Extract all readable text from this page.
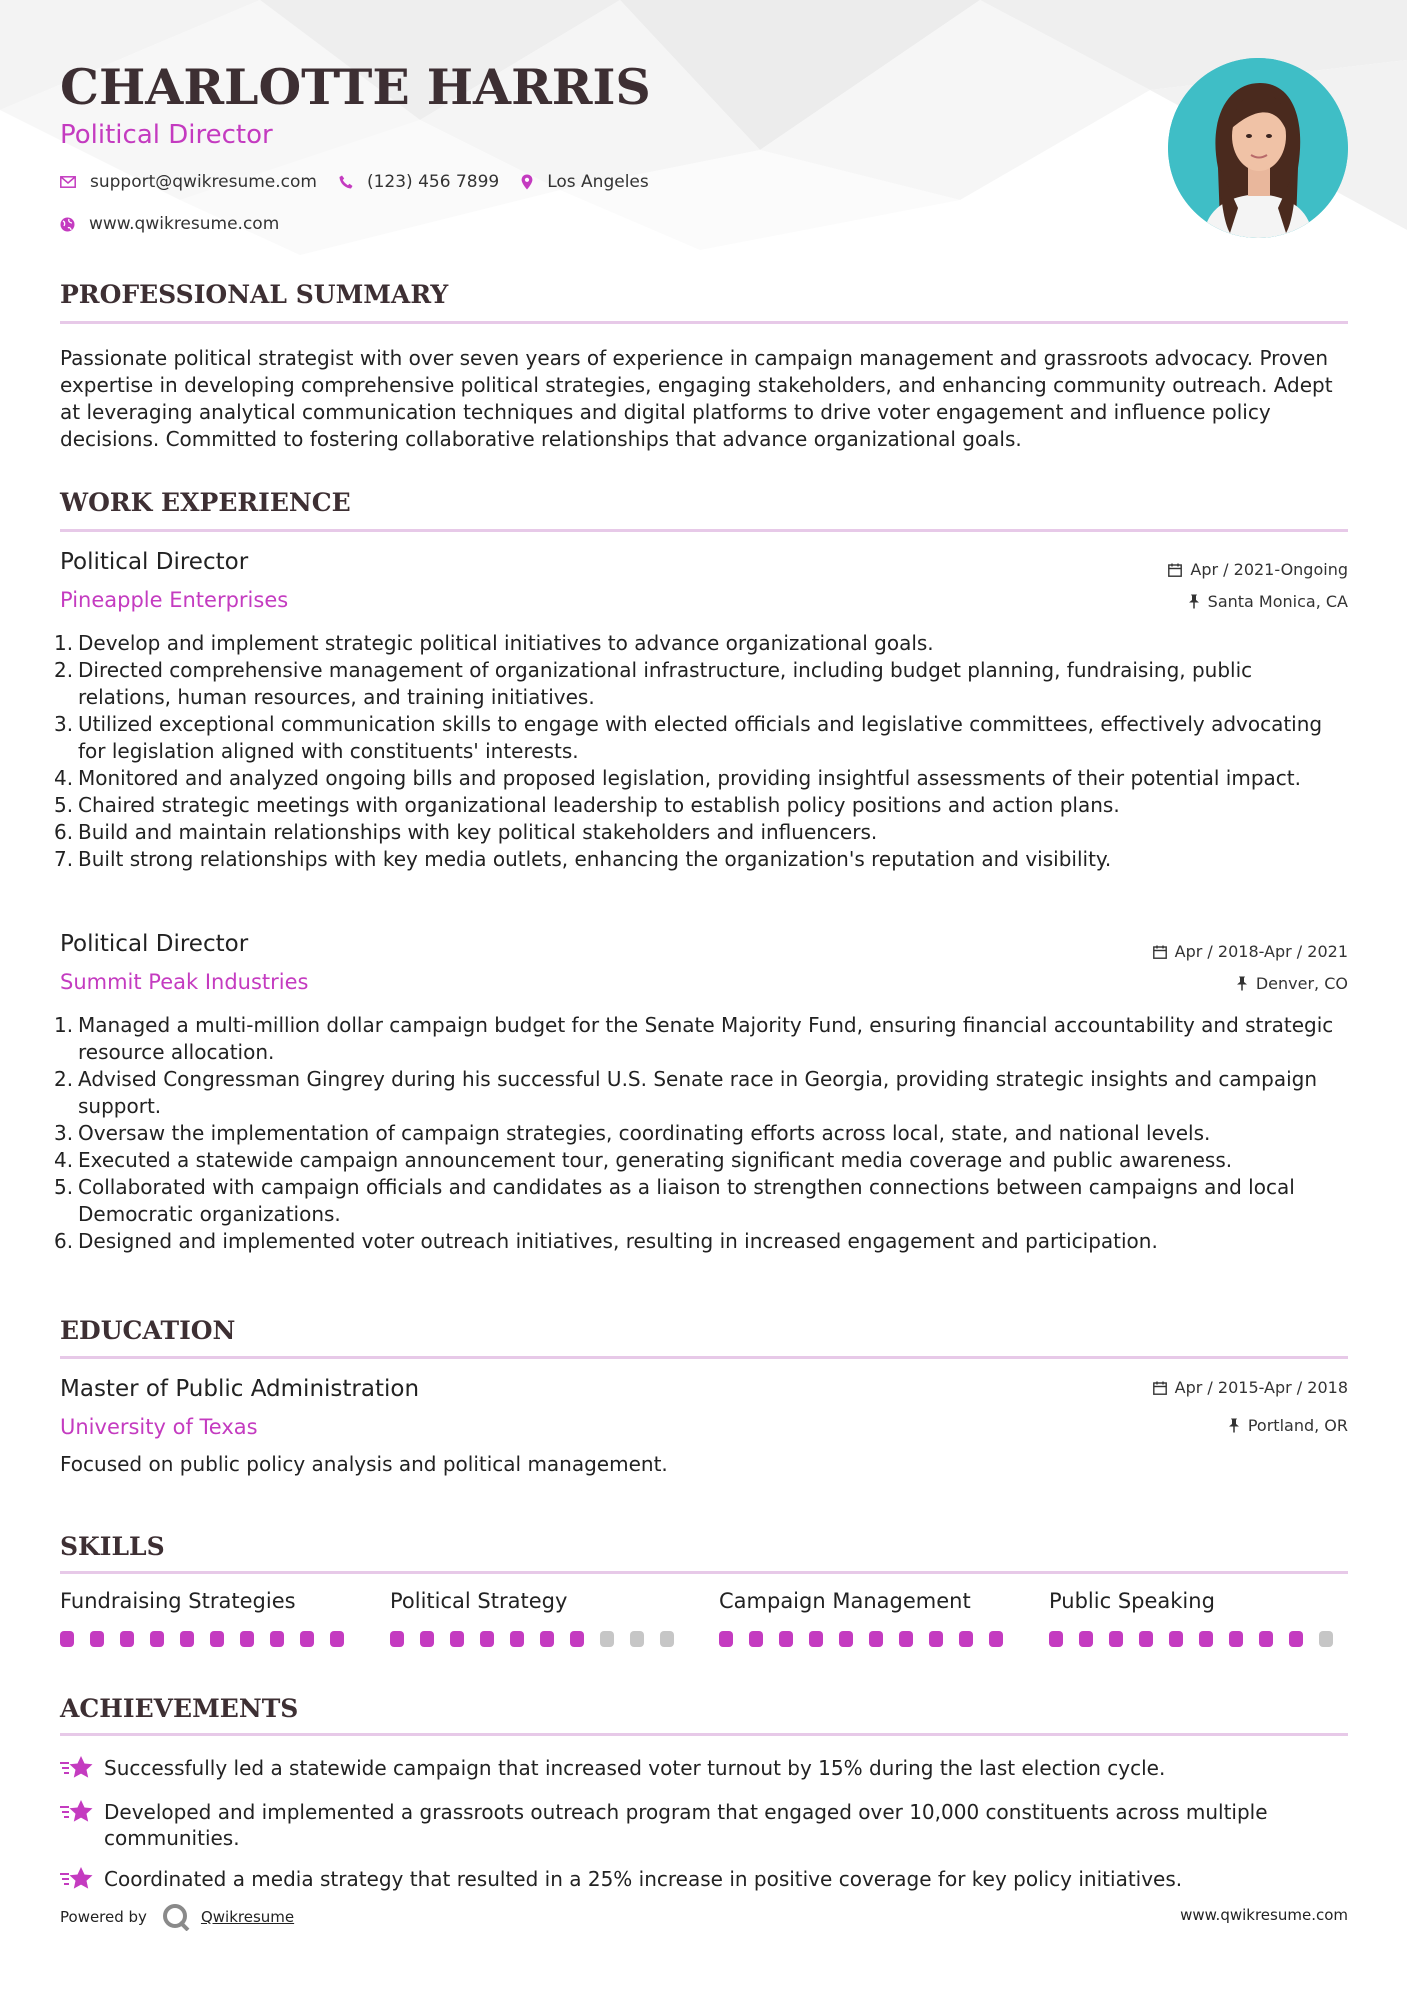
CHARLOTTE HARRIS
Political Director
support@qwikresume.com	(123) 456 7899	Los Angeles
www.qwikresume.com
PROFESSIONAL SUMMARY

Passionate political strategist with over seven years of experience in campaign management and grassroots advocacy. Proven expertise in developing comprehensive political strategies, engaging stakeholders, and enhancing community outreach. Adept at leveraging analytical communication techniques and digital platforms to drive voter engagement and influence policy decisions. Committed to fostering collaborative relationships that advance organizational goals.

WORK EXPERIENCE
Political Director
Pineapple Enterprises
Apr / 2021-Ongoing
Santa Monica, CA
Develop and implement strategic political initiatives to advance organizational goals.
Directed comprehensive management of organizational infrastructure, including budget planning, fundraising, public relations, human resources, and training initiatives.
Utilized exceptional communication skills to engage with elected officials and legislative committees, effectively advocating for legislation aligned with constituents' interests.
Monitored and analyzed ongoing bills and proposed legislation, providing insightful assessments of their potential impact.
Chaired strategic meetings with organizational leadership to establish policy positions and action plans.
Build and maintain relationships with key political stakeholders and influencers.
Built strong relationships with key media outlets, enhancing the organization's reputation and visibility.
Political Director
Summit Peak Industries
Apr / 2018-Apr / 2021
Denver, CO
Managed a multi-million dollar campaign budget for the Senate Majority Fund, ensuring financial accountability and strategic resource allocation.
Advised Congressman Gingrey during his successful U.S. Senate race in Georgia, providing strategic insights and campaign support.
Oversaw the implementation of campaign strategies, coordinating efforts across local, state, and national levels.
Executed a statewide campaign announcement tour, generating significant media coverage and public awareness.
Collaborated with campaign officials and candidates as a liaison to strengthen connections between campaigns and local Democratic organizations.
Designed and implemented voter outreach initiatives, resulting in increased engagement and participation.
EDUCATION
Master of Public Administration
University of Texas
Apr / 2015-Apr / 2018
Portland, OR

Focused on public policy analysis and political management.

SKILLS
Fundraising Strategies	Political Strategy	Campaign Management	Public Speaking
ACHIEVEMENTS
Successfully led a statewide campaign that increased voter turnout by 15% during the last election cycle.
Developed and implemented a grassroots outreach program that engaged over 10,000 constituents across multiple communities.
Coordinated a media strategy that resulted in a 25% increase in positive coverage for key policy initiatives.
Powered by	Qwikresume	www.qwikresume.com
